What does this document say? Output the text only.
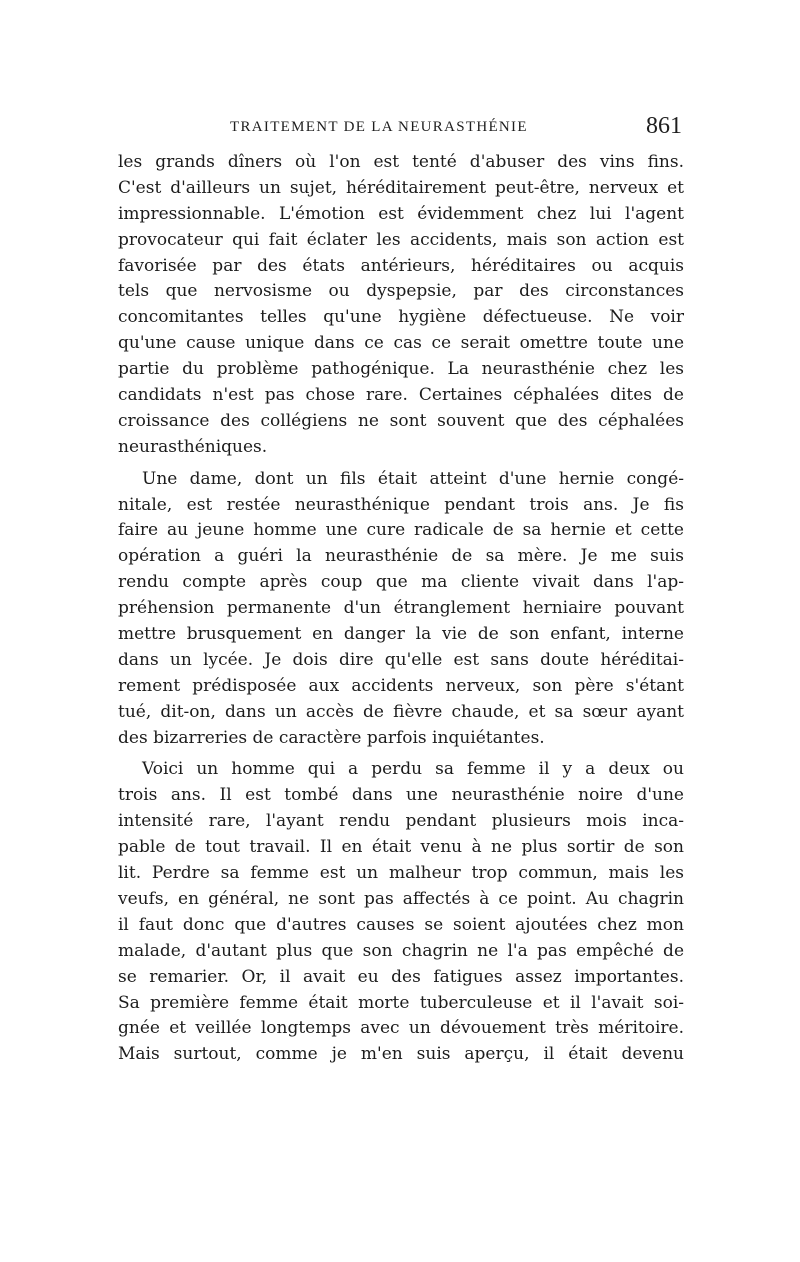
TRAITEMENT DE LA NEURASTHÉNIE	861
les grands dîners où l'on est tenté d'abuser des vins fins.
C'est d'ailleurs un sujet, héréditairement peut-être, nerveux et
impressionnable. L'émotion est évidemment chez lui l'agent
provocateur qui fait éclater les accidents, mais son action est
favorisée par des états antérieurs, héréditaires ou acquis
tels que nervosisme ou dyspepsie, par des circonstances
concomitantes telles qu'une hygiène défectueuse. Ne voir
qu'une cause unique dans ce cas ce serait omettre toute une
partie du problème pathogénique. La neurasthénie chez les
candidats n'est pas chose rare. Certaines céphalées dites de
croissance des collégiens ne sont souvent que des céphalées
neurasthéniques.
Une dame, dont un fils était atteint d'une hernie congé-
nitale, est restée neurasthénique pendant trois ans. Je fis
faire au jeune homme une cure radicale de sa hernie et cette
opération a guéri la neurasthénie de sa mère. Je me suis
rendu compte après coup que ma cliente vivait dans l'ap-
préhension permanente d'un étranglement herniaire pouvant
mettre brusquement en danger la vie de son enfant, interne
dans un lycée. Je dois dire qu'elle est sans doute héréditai-
rement prédisposée aux accidents nerveux, son père s'étant
tué, dit-on, dans un accès de fièvre chaude, et sa sœur ayant
des bizarreries de caractère parfois inquiétantes.
Voici un homme qui a perdu sa femme il y a deux ou
trois ans. Il est tombé dans une neurasthénie noire d'une
intensité rare, l'ayant rendu pendant plusieurs mois inca-
pable de tout travail. Il en était venu à ne plus sortir de son
lit. Perdre sa femme est un malheur trop commun, mais les
veufs, en général, ne sont pas affectés à ce point. Au chagrin
il faut donc que d'autres causes se soient ajoutées chez mon
malade, d'autant plus que son chagrin ne l'a pas empêché de
se remarier. Or, il avait eu des fatigues assez importantes.
Sa première femme était morte tuberculeuse et il l'avait soi-
gnée et veillée longtemps avec un dévouement très méritoire.
Mais surtout, comme je m'en suis aperçu, il était devenu
